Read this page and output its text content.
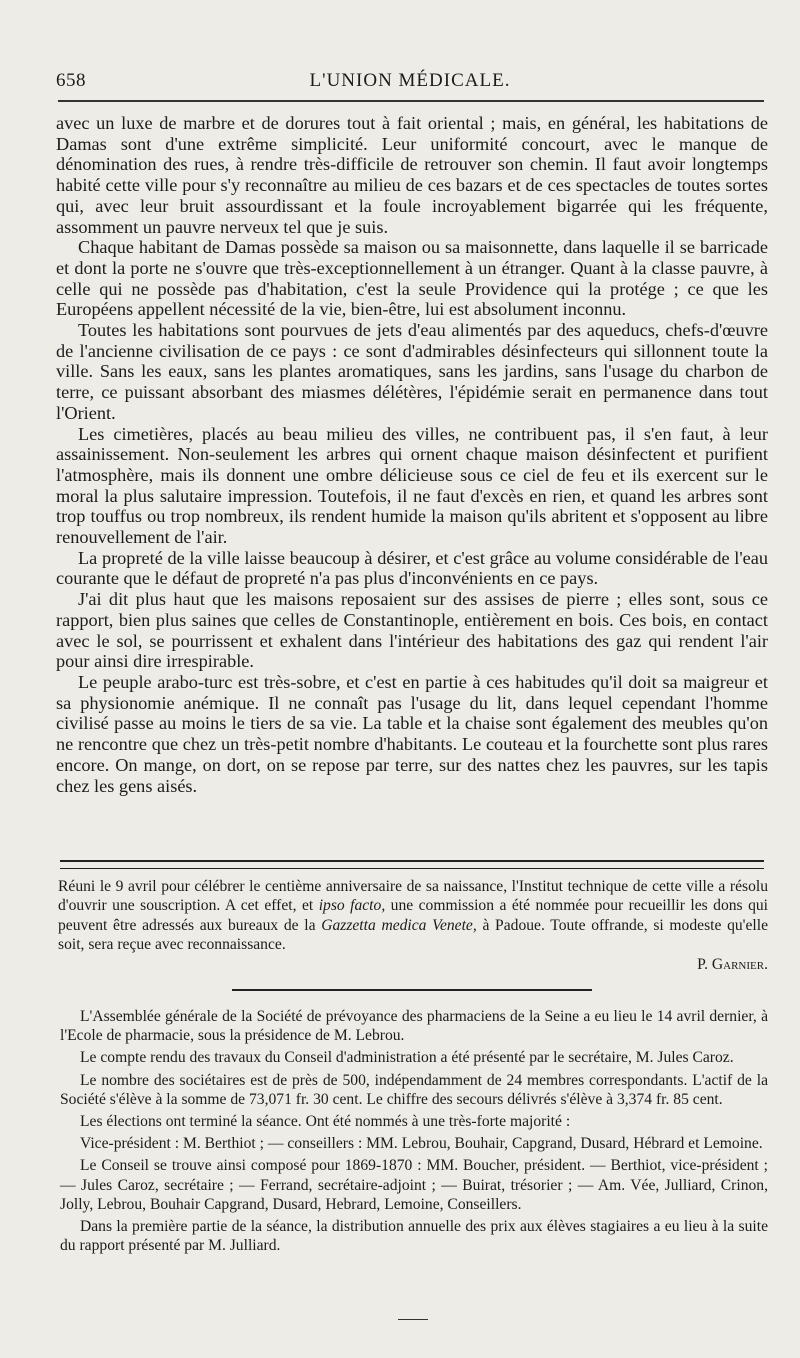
658	L'UNION MÉDICALE.

avec un luxe de marbre et de dorures tout à fait oriental ; mais, en général, les habitations de Damas sont d'une extrême simplicité. Leur uniformité concourt, avec le manque de dénomination des rues, à rendre très-difficile de retrouver son chemin. Il faut avoir longtemps habité cette ville pour s'y reconnaître au milieu de ces bazars et de ces spectacles de toutes sortes qui, avec leur bruit assourdissant et la foule incroyablement bigarrée qui les fréquente, assomment un pauvre nerveux tel que je suis.

Chaque habitant de Damas possède sa maison ou sa maisonnette, dans laquelle il se barricade et dont la porte ne s'ouvre que très-exceptionnellement à un étranger. Quant à la classe pauvre, à celle qui ne possède pas d'habitation, c'est la seule Providence qui la protége ; ce que les Européens appellent nécessité de la vie, bien-être, lui est absolument inconnu.

Toutes les habitations sont pourvues de jets d'eau alimentés par des aqueducs, chefs-d'œuvre de l'ancienne civilisation de ce pays : ce sont d'admirables désinfecteurs qui sillonnent toute la ville. Sans les eaux, sans les plantes aromatiques, sans les jardins, sans l'usage du charbon de terre, ce puissant absorbant des miasmes délétères, l'épidémie serait en permanence dans tout l'Orient.

Les cimetières, placés au beau milieu des villes, ne contribuent pas, il s'en faut, à leur assainissement. Non-seulement les arbres qui ornent chaque maison désinfectent et purifient l'atmosphère, mais ils donnent une ombre délicieuse sous ce ciel de feu et ils exercent sur le moral la plus salutaire impression. Toutefois, il ne faut d'excès en rien, et quand les arbres sont trop touffus ou trop nombreux, ils rendent humide la maison qu'ils abritent et s'opposent au libre renouvellement de l'air.

La propreté de la ville laisse beaucoup à désirer, et c'est grâce au volume considérable de l'eau courante que le défaut de propreté n'a pas plus d'inconvénients en ce pays.

J'ai dit plus haut que les maisons reposaient sur des assises de pierre ; elles sont, sous ce rapport, bien plus saines que celles de Constantinople, entièrement en bois. Ces bois, en contact avec le sol, se pourrissent et exhalent dans l'intérieur des habitations des gaz qui rendent l'air pour ainsi dire irrespirable.

Le peuple arabo-turc est très-sobre, et c'est en partie à ces habitudes qu'il doit sa maigreur et sa physionomie anémique. Il ne connaît pas l'usage du lit, dans lequel cependant l'homme civilisé passe au moins le tiers de sa vie. La table et la chaise sont également des meubles qu'on ne rencontre que chez un très-petit nombre d'habitants. Le couteau et la fourchette sont plus rares encore. On mange, on dort, on se repose par terre, sur des nattes chez les pauvres, sur les tapis chez les gens aisés.

Réuni le 9 avril pour célébrer le centième anniversaire de sa naissance, l'Institut technique de cette ville a résolu d'ouvrir une souscription. A cet effet, et ipso facto, une commission a été nommée pour recueillir les dons qui peuvent être adressés aux bureaux de la Gazzetta medica Venete, à Padoue. Toute offrande, si modeste qu'elle soit, sera reçue avec reconnaissance.

P. Garnier.

L'Assemblée générale de la Société de prévoyance des pharmaciens de la Seine a eu lieu le 14 avril dernier, à l'Ecole de pharmacie, sous la présidence de M. Lebrou.

Le compte rendu des travaux du Conseil d'administration a été présenté par le secrétaire, M. Jules Caroz.

Le nombre des sociétaires est de près de 500, indépendamment de 24 membres correspondants. L'actif de la Société s'élève à la somme de 73,071 fr. 30 cent. Le chiffre des secours délivrés s'élève à 3,374 fr. 85 cent.

Les élections ont terminé la séance. Ont été nommés à une très-forte majorité :

Vice-président : M. Berthiot ; — conseillers : MM. Lebrou, Bouhair, Capgrand, Dusard, Hébrard et Lemoine.

Le Conseil se trouve ainsi composé pour 1869-1870 : MM. Boucher, président. — Berthiot, vice-président ; — Jules Caroz, secrétaire ; — Ferrand, secrétaire-adjoint ; — Buirat, trésorier ; — Am. Vée, Julliard, Crinon, Jolly, Lebrou, Bouhair Capgrand, Dusard, Hebrard, Lemoine, Conseillers.

Dans la première partie de la séance, la distribution annuelle des prix aux élèves stagiaires a eu lieu à la suite du rapport présenté par M. Julliard.
